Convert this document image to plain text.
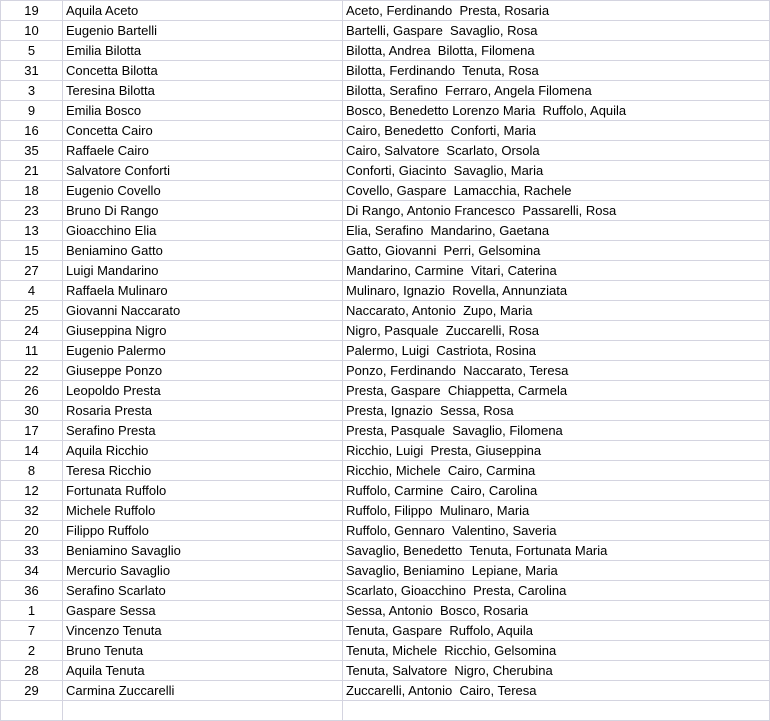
19	Aquila Aceto	Aceto, Ferdinando  Presta, Rosaria
10	Eugenio Bartelli	Bartelli, Gaspare  Savaglio, Rosa
5	Emilia Bilotta	Bilotta, Andrea  Bilotta, Filomena
31	Concetta Bilotta	Bilotta, Ferdinando  Tenuta, Rosa
3	Teresina Bilotta	Bilotta, Serafino  Ferraro, Angela Filomena
9	Emilia Bosco	Bosco, Benedetto Lorenzo Maria  Ruffolo, Aquila
16	Concetta Cairo	Cairo, Benedetto  Conforti, Maria
35	Raffaele Cairo	Cairo, Salvatore  Scarlato, Orsola
21	Salvatore Conforti	Conforti, Giacinto  Savaglio, Maria
18	Eugenio Covello	Covello, Gaspare  Lamacchia, Rachele
23	Bruno Di Rango	Di Rango, Antonio Francesco  Passarelli, Rosa
13	Gioacchino Elia	Elia, Serafino  Mandarino, Gaetana
15	Beniamino Gatto	Gatto, Giovanni  Perri, Gelsomina
27	Luigi Mandarino	Mandarino, Carmine  Vitari, Caterina
4	Raffaela Mulinaro	Mulinaro, Ignazio  Rovella, Annunziata
25	Giovanni Naccarato	Naccarato, Antonio  Zupo, Maria
24	Giuseppina Nigro	Nigro, Pasquale  Zuccarelli, Rosa
11	Eugenio Palermo	Palermo, Luigi  Castriota, Rosina
22	Giuseppe Ponzo	Ponzo, Ferdinando  Naccarato, Teresa
26	Leopoldo Presta	Presta, Gaspare  Chiappetta, Carmela
30	Rosaria Presta	Presta, Ignazio  Sessa, Rosa
17	Serafino Presta	Presta, Pasquale  Savaglio, Filomena
14	Aquila Ricchio	Ricchio, Luigi  Presta, Giuseppina
8	Teresa Ricchio	Ricchio, Michele  Cairo, Carmina
12	Fortunata Ruffolo	Ruffolo, Carmine  Cairo, Carolina
32	Michele Ruffolo	Ruffolo, Filippo  Mulinaro, Maria
20	Filippo Ruffolo	Ruffolo, Gennaro  Valentino, Saveria
33	Beniamino Savaglio	Savaglio, Benedetto  Tenuta, Fortunata Maria
34	Mercurio Savaglio	Savaglio, Beniamino  Lepiane, Maria
36	Serafino Scarlato	Scarlato, Gioacchino  Presta, Carolina
1	Gaspare Sessa	Sessa, Antonio  Bosco, Rosaria
7	Vincenzo Tenuta	Tenuta, Gaspare  Ruffolo, Aquila
2	Bruno Tenuta	Tenuta, Michele  Ricchio, Gelsomina
28	Aquila Tenuta	Tenuta, Salvatore  Nigro, Cherubina
29	Carmina Zuccarelli	Zuccarelli, Antonio  Cairo, Teresa
